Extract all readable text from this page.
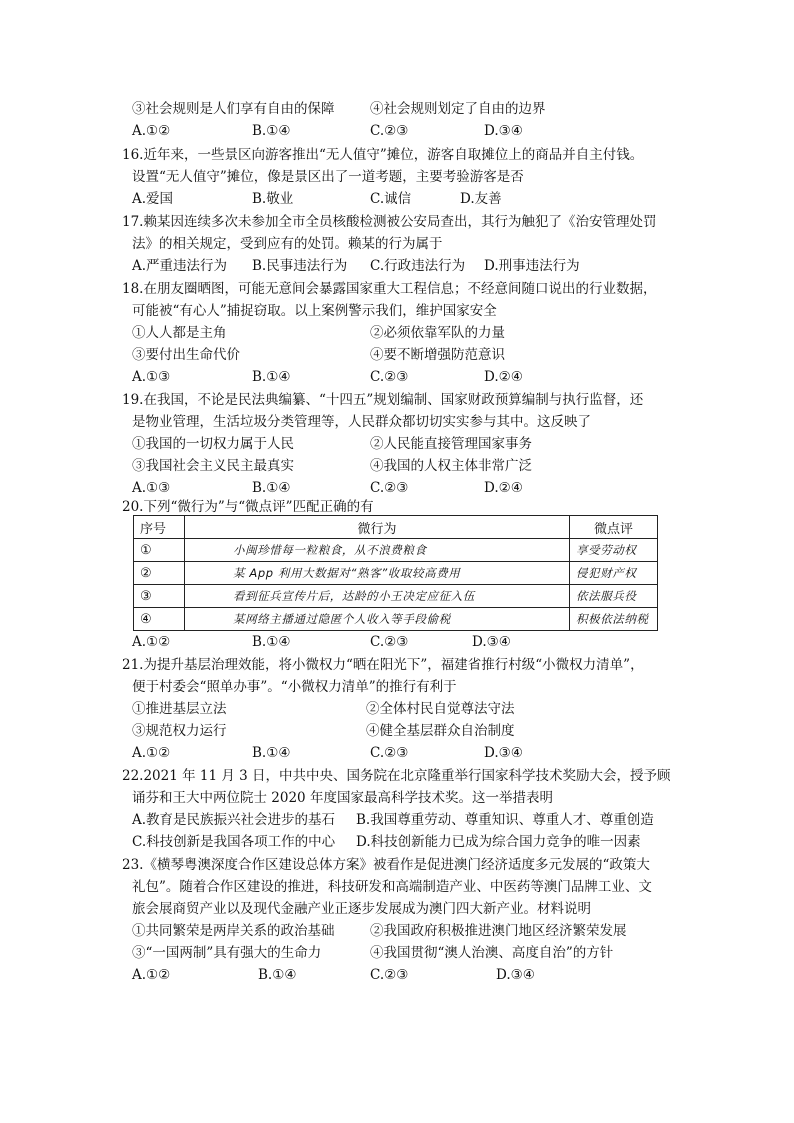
③社会规则是人们享有自由的保障	④社会规则划定了自由的边界
A.①②	B.①④	C.②③	D.③④
16.近年来，一些景区向游客推出“无人值守”摊位，游客自取摊位上的商品并自主付钱。
设置“无人值守”摊位，像是景区出了一道考题，主要考验游客是否
A.爱国	B.敬业	C.诚信	D.友善
17.赖某因连续多次未参加全市全员核酸检测被公安局查出，其行为触犯了《治安管理处罚
法》的相关规定，受到应有的处罚。赖某的行为属于
A.严重违法行为 B.民事违法行为 C.行政违法行为 D.刑事违法行为
18.在朋友圈晒图，可能无意间会暴露国家重大工程信息；不经意间随口说出的行业数据，
可能被“有心人”捕捉窃取。以上案例警示我们，维护国家安全
①人人都是主角	②必须依靠军队的力量
③要付出生命代价	④要不断增强防范意识
A.①③	B.①④	C.②③	D.②④
19.在我国，不论是民法典编纂、“十四五”规划编制、国家财政预算编制与执行监督，还
是物业管理，生活垃圾分类管理等，人民群众都切切实实参与其中。这反映了
①我国的一切权力属于人民	②人民能直接管理国家事务
③我国社会主义民主最真实	④我国的人权主体非常广泛
A.①③	B.①④	C.②③	D.②④
20.下列“微行为”与“微点评”匹配正确的有
序号	微行为	微点评
①	小闽珍惜每一粒粮食，从不浪费粮食	享受劳动权
②	某 App 利用大数据对“熟客”收取较高费用	侵犯财产权
③	看到征兵宣传片后，达龄的小王决定应征入伍	依法服兵役
④	某网络主播通过隐匿个人收入等手段偷税	积极依法纳税
A.①②	B.①④	C.②③	D.③④
21.为提升基层治理效能，将小微权力“晒在阳光下”，福建省推行村级“小微权力清单”，
便于村委会“照单办事”。“小微权力清单”的推行有利于
①推进基层立法	②全体村民自觉尊法守法
③规范权力运行	④健全基层群众自治制度
A.①②	B.①④	C.②③	D.③④
22.2021 年 11 月 3 日，中共中央、国务院在北京隆重举行国家科学技术奖励大会，授予顾
诵芬和王大中两位院士 2020 年度国家最高科学技术奖。这一举措表明
A.教育是民族振兴社会进步的基石 B.我国尊重劳动、尊重知识、尊重人才、尊重创造
C.科技创新是我国各项工作的中心 D.科技创新能力已成为综合国力竞争的唯一因素
23.《横琴粤澳深度合作区建设总体方案》被看作是促进澳门经济适度多元发展的“政策大
礼包”。随着合作区建设的推进，科技研发和高端制造产业、中医药等澳门品牌工业、文
旅会展商贸产业以及现代金融产业正逐步发展成为澳门四大新产业。材料说明
①共同繁荣是两岸关系的政治基础	②我国政府积极推进澳门地区经济繁荣发展
③“一国两制”具有强大的生命力	④我国贯彻“澳人治澳、高度自治”的方针
A.①②	B.①④	C.②③	D.③④
